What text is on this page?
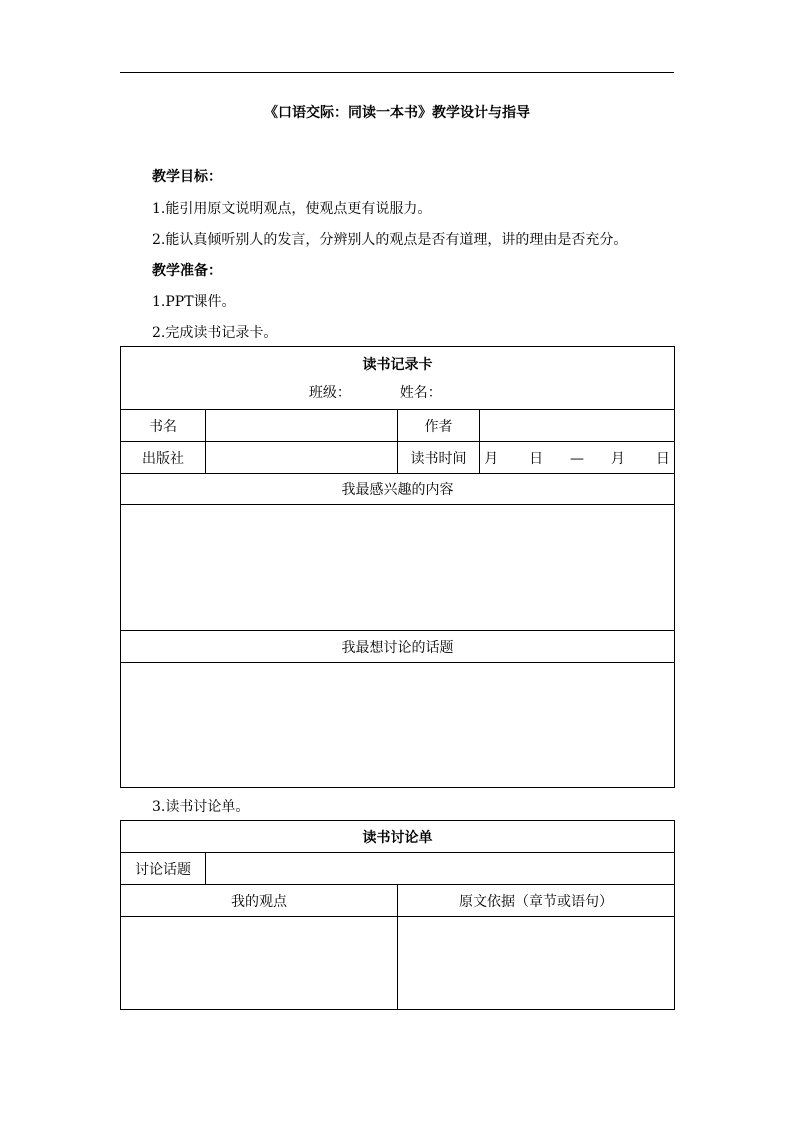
《口语交际：同读一本书》教学设计与指导
教学目标：
1.能引用原文说明观点，使观点更有说服力。
2.能认真倾听别人的发言，分辨别人的观点是否有道理，讲的理由是否充分。
教学准备：
1.PPT课件。
2.完成读书记录卡。
读书记录卡
班级： 姓名：			

书名		作者	
出版社		读书时间	月 日 — 月 日
我最感兴趣的内容			

我最想讨论的话题			

3.读书讨论单。
读书讨论单		
讨论话题		
我的观点		原文依据（章节或语句）
